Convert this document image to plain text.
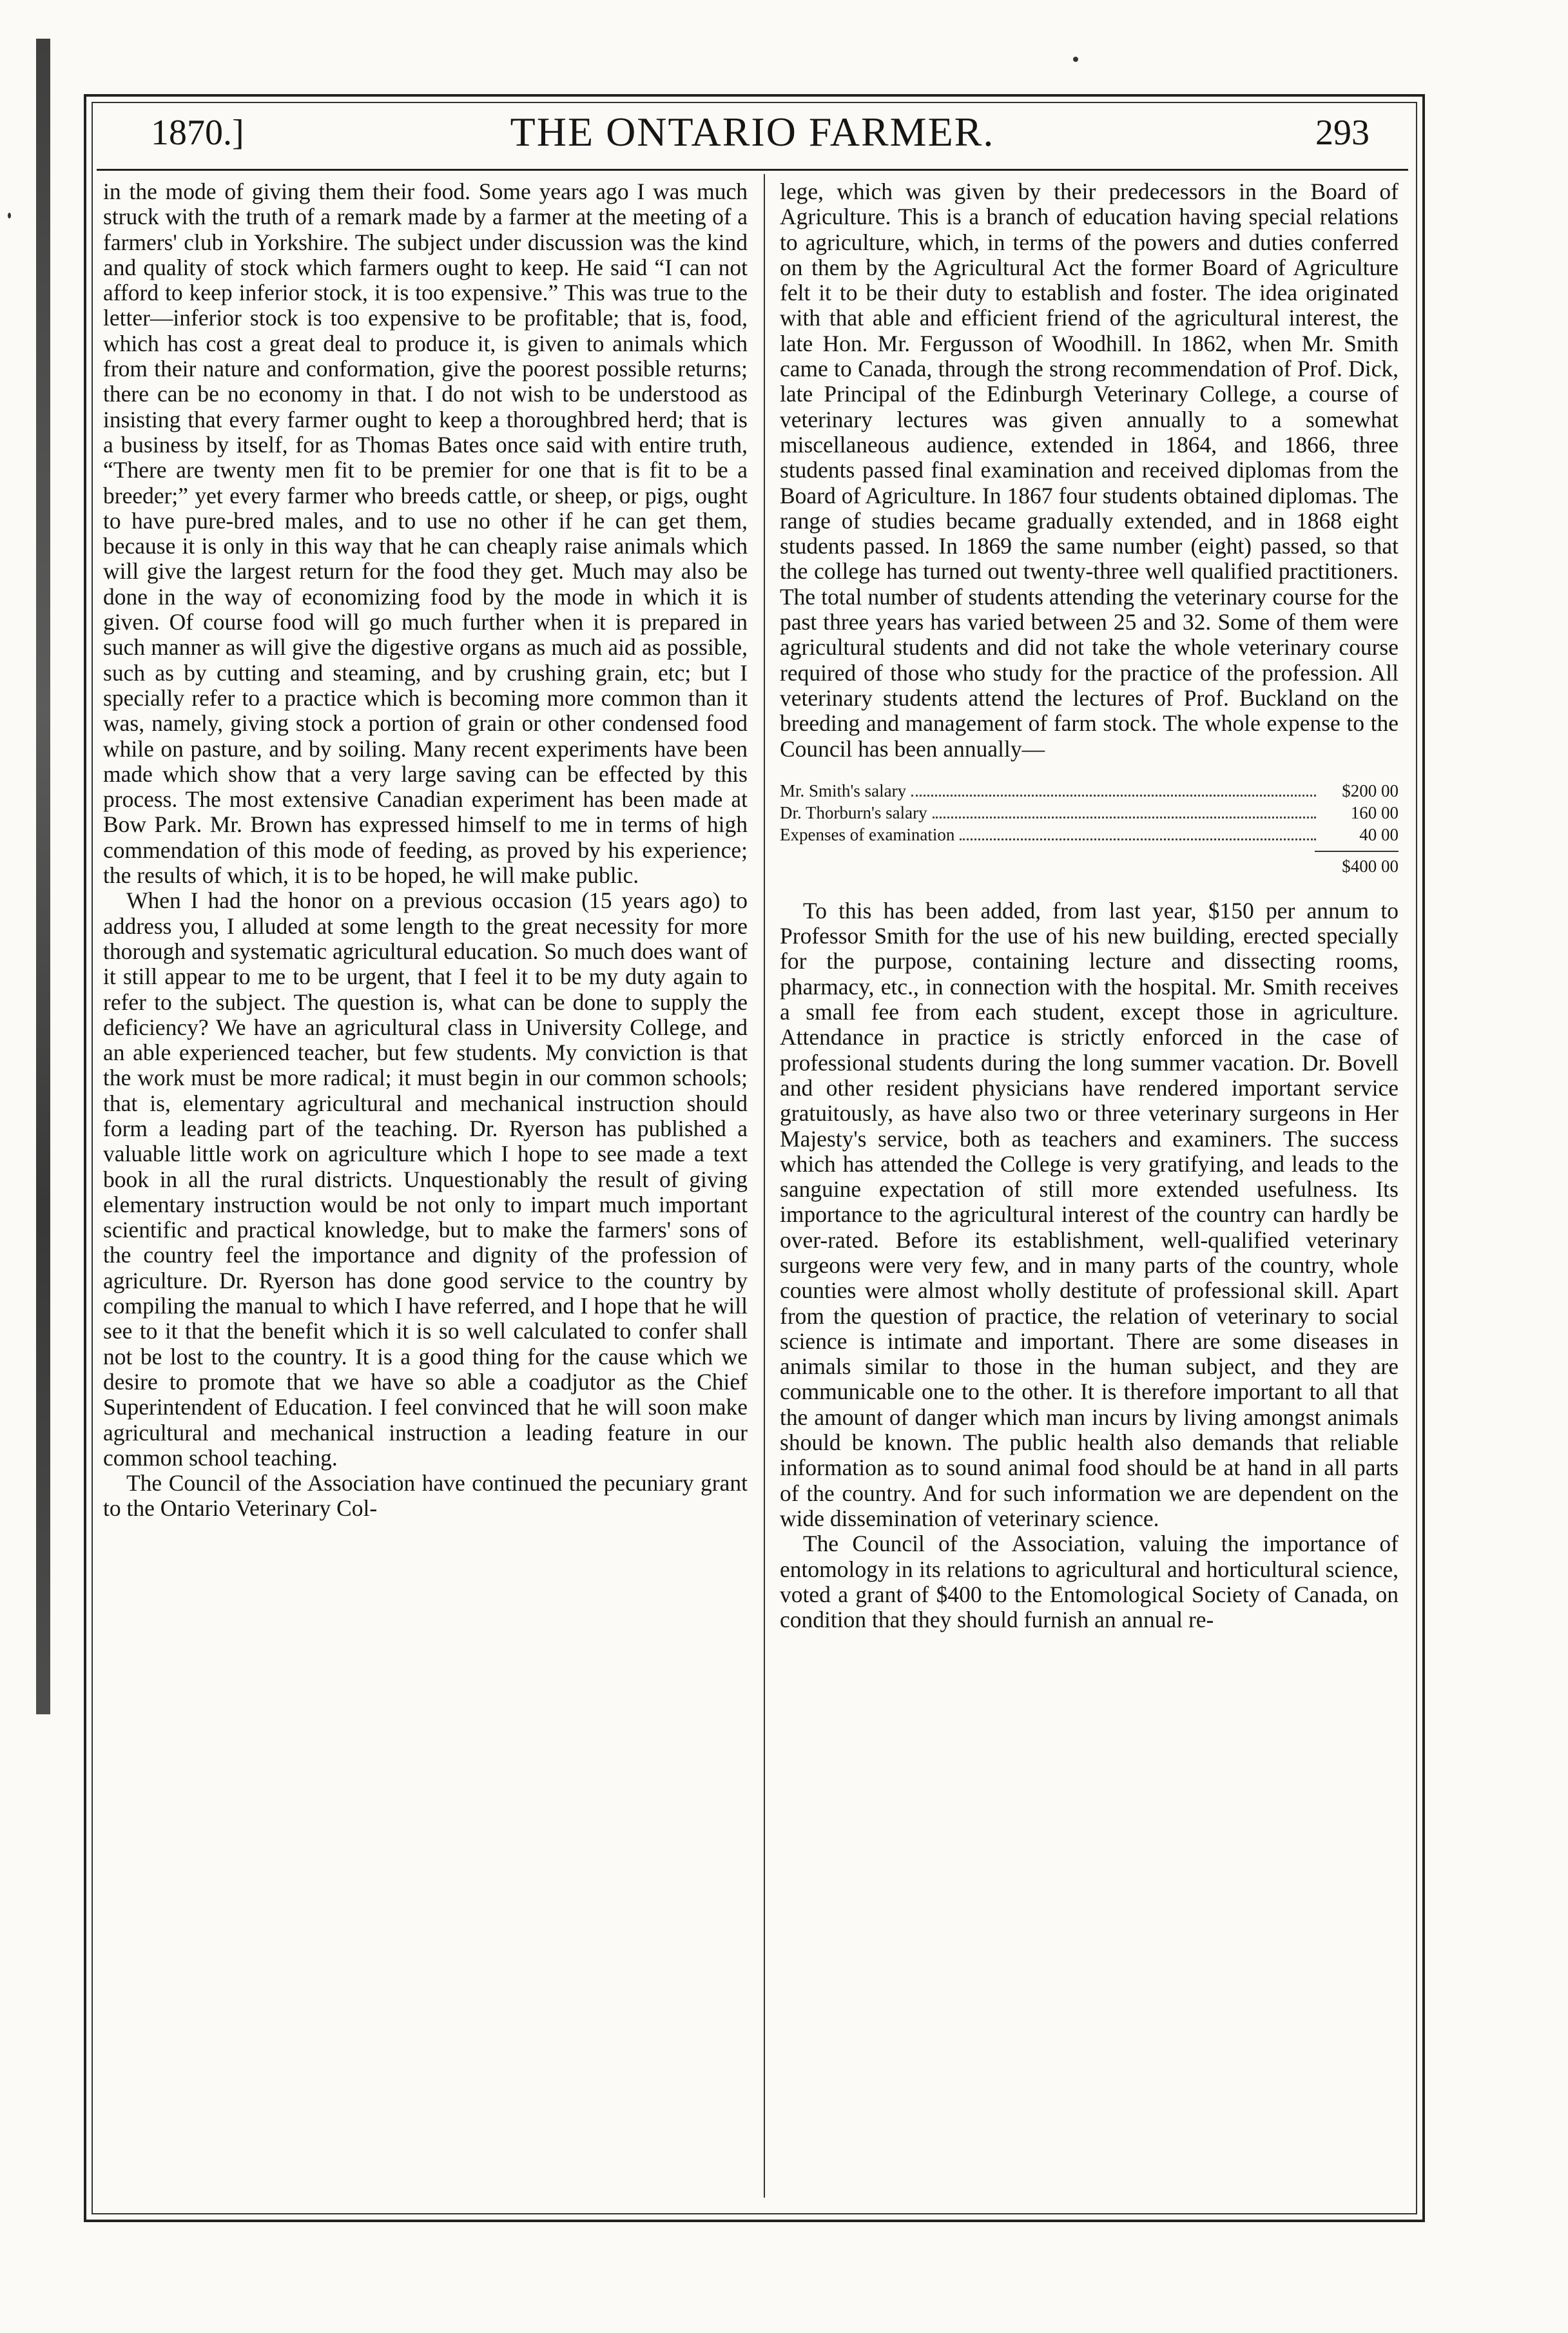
1870.]	THE ONTARIO FARMER.	293

in the mode of giving them their food. Some years ago I was much struck with the truth of a remark made by a farmer at the meeting of a farmers' club in Yorkshire. The subject under discussion was the kind and quality of stock which farmers ought to keep. He said “I can not afford to keep inferior stock, it is too expensive.” This was true to the letter—inferior stock is too expensive to be profitable; that is, food, which has cost a great deal to produce it, is given to animals which from their nature and conformation, give the poorest possible returns; there can be no economy in that. I do not wish to be understood as insisting that every farmer ought to keep a thoroughbred herd; that is a business by itself, for as Thomas Bates once said with entire truth, “There are twenty men fit to be premier for one that is fit to be a breeder;” yet every farmer who breeds cattle, or sheep, or pigs, ought to have pure-bred males, and to use no other if he can get them, because it is only in this way that he can cheaply raise animals which will give the largest return for the food they get. Much may also be done in the way of economizing food by the mode in which it is given. Of course food will go much further when it is prepared in such manner as will give the digestive organs as much aid as possible, such as by cutting and steaming, and by crushing grain, etc; but I specially refer to a practice which is becoming more common than it was, namely, giving stock a portion of grain or other condensed food while on pasture, and by soiling. Many recent experiments have been made which show that a very large saving can be effected by this process. The most extensive Canadian experiment has been made at Bow Park. Mr. Brown has expressed himself to me in terms of high commendation of this mode of feeding, as proved by his experience; the results of which, it is to be hoped, he will make public.

When I had the honor on a previous occasion (15 years ago) to address you, I alluded at some length to the great necessity for more thorough and systematic agricultural education. So much does want of it still appear to me to be urgent, that I feel it to be my duty again to refer to the subject. The question is, what can be done to supply the deficiency? We have an agricultural class in University College, and an able experienced teacher, but few students. My conviction is that the work must be more radical; it must begin in our common schools; that is, elementary agricultural and mechanical instruction should form a leading part of the teaching. Dr. Ryerson has published a valuable little work on agriculture which I hope to see made a text book in all the rural districts. Unquestionably the result of giving elementary instruction would be not only to impart much important scientific and practical knowledge, but to make the farmers' sons of the country feel the importance and dignity of the profession of agriculture. Dr. Ryerson has done good service to the country by compiling the manual to which I have referred, and I hope that he will see to it that the benefit which it is so well calculated to confer shall not be lost to the country. It is a good thing for the cause which we desire to promote that we have so able a coadjutor as the Chief Superintendent of Education. I feel convinced that he will soon make agricultural and mechanical instruction a leading feature in our common school teaching.

The Council of the Association have continued the pecuniary grant to the Ontario Veterinary Col-

lege, which was given by their predecessors in the Board of Agriculture. This is a branch of education having special relations to agriculture, which, in terms of the powers and duties conferred on them by the Agricultural Act the former Board of Agriculture felt it to be their duty to establish and foster. The idea originated with that able and efficient friend of the agricultural interest, the late Hon. Mr. Fergusson of Woodhill. In 1862, when Mr. Smith came to Canada, through the strong recommendation of Prof. Dick, late Principal of the Edinburgh Veterinary College, a course of veterinary lectures was given annually to a somewhat miscellaneous audience, extended in 1864, and 1866, three students passed final examination and received diplomas from the Board of Agriculture. In 1867 four students obtained diplomas. The range of studies became gradually extended, and in 1868 eight students passed. In 1869 the same number (eight) passed, so that the college has turned out twenty-three well qualified practitioners. The total number of students attending the veterinary course for the past three years has varied between 25 and 32. Some of them were agricultural students and did not take the whole veterinary course required of those who study for the practice of the profession. All veterinary students attend the lectures of Prof. Buckland on the breeding and management of farm stock. The whole expense to the Council has been annually—

Mr. Smith's salary	$200 00
Dr. Thorburn's salary	160 00
Expenses of examination	40 00
$400 00

To this has been added, from last year, $150 per annum to Professor Smith for the use of his new building, erected specially for the purpose, containing lecture and dissecting rooms, pharmacy, etc., in connection with the hospital. Mr. Smith receives a small fee from each student, except those in agriculture. Attendance in practice is strictly enforced in the case of professional students during the long summer vacation. Dr. Bovell and other resident physicians have rendered important service gratuitously, as have also two or three veterinary surgeons in Her Majesty's service, both as teachers and examiners. The success which has attended the College is very gratifying, and leads to the sanguine expectation of still more extended usefulness. Its importance to the agricultural interest of the country can hardly be over-rated. Before its establishment, well-qualified veterinary surgeons were very few, and in many parts of the country, whole counties were almost wholly destitute of professional skill. Apart from the question of practice, the relation of veterinary to social science is intimate and important. There are some diseases in animals similar to those in the human subject, and they are communicable one to the other. It is therefore important to all that the amount of danger which man incurs by living amongst animals should be known. The public health also demands that reliable information as to sound animal food should be at hand in all parts of the country. And for such information we are dependent on the wide dissemination of veterinary science.

The Council of the Association, valuing the importance of entomology in its relations to agricultural and horticultural science, voted a grant of $400 to the Entomological Society of Canada, on condition that they should furnish an annual re-
